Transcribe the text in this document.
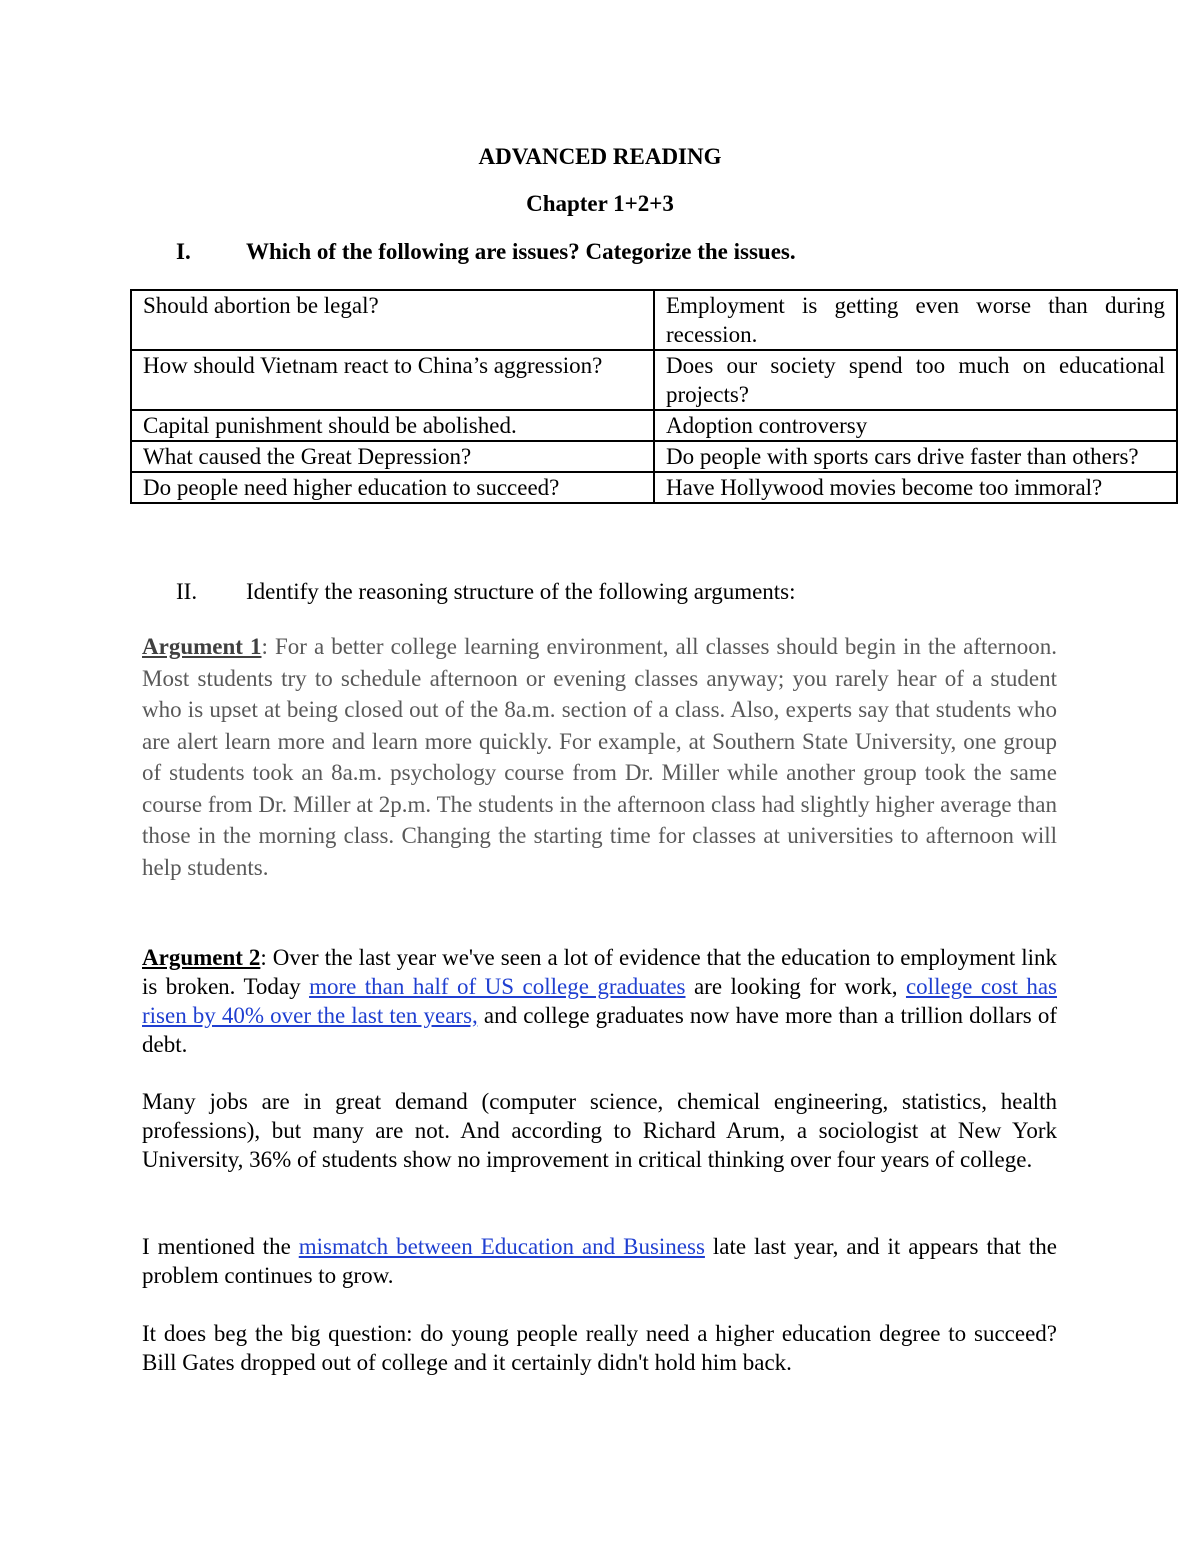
ADVANCED READING
Chapter 1+2+3
I. Which of the following are issues? Categorize the issues.
Should abortion be legal?	Employment is getting even worse than during recession.
How should Vietnam react to China’s aggression?	Does our society spend too much on educational projects?
Capital punishment should be abolished.	Adoption controversy
What caused the Great Depression?	Do people with sports cars drive faster than others?
Do people need higher education to succeed?	Have Hollywood movies become too immoral?
II. Identify the reasoning structure of the following arguments:

Argument 1: For a better college learning environment, all classes should begin in the afternoon. Most students try to schedule afternoon or evening classes anyway; you rarely hear of a student who is upset at being closed out of the 8a.m. section of a class. Also, experts say that students who are alert learn more and learn more quickly. For example, at Southern State University, one group of students took an 8a.m. psychology course from Dr. Miller while another group took the same course from Dr. Miller at 2p.m. The students in the afternoon class had slightly higher average than those in the morning class. Changing the starting time for classes at universities to afternoon will help students.

Argument 2: Over the last year we've seen a lot of evidence that the education to employment link is broken. Today more than half of US college graduates are looking for work, college cost has risen by 40% over the last ten years, and college graduates now have more than a trillion dollars of debt.

Many jobs are in great demand (computer science, chemical engineering, statistics, health professions), but many are not. And according to Richard Arum, a sociologist at New York University, 36% of students show no improvement in critical thinking over four years of college.

I mentioned the mismatch between Education and Business late last year, and it appears that the problem continues to grow.

It does beg the big question: do young people really need a higher education degree to succeed? Bill Gates dropped out of college and it certainly didn't hold him back.
